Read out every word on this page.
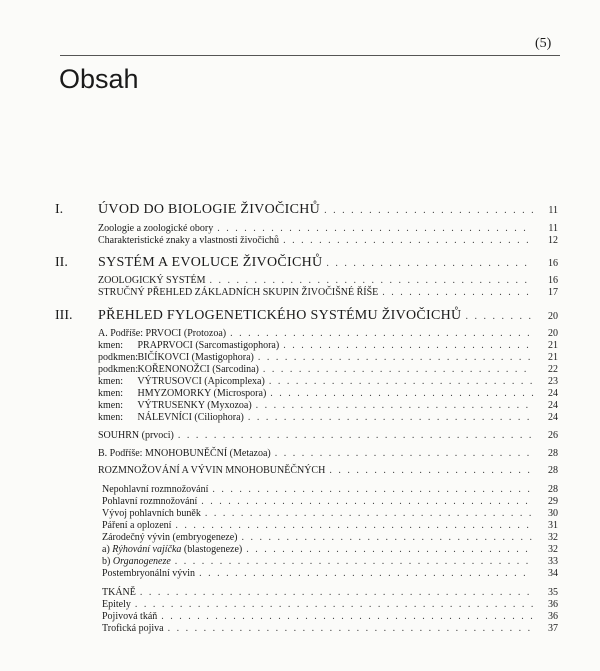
(5)
Obsah
I. ÚVOD DO BIOLOGIE ŽIVOČICHŮ . . . . . . . . . . . . . . . . . . . . . . . .	11
Zoologie a zoologické obory . . . . . . . . . . . . . . . . . . . . . . . . . . . . . . . . . . .	11
Charakteristické znaky a vlastnosti živočichů . . . . . . . . . . . . . . . . . . . . . . . . . . . .	12
II. SYSTÉM A EVOLUCE ŽIVOČICHŮ . . . . . . . . . . . . . . . . . . . . . . .	16
ZOOLOGICKÝ SYSTÉM . . . . . . . . . . . . . . . . . . . . . . . . . . . . . . . . . . . .	16
STRUČNÝ PŘEHLED ZÁKLADNÍCH SKUPIN ŽIVOČIŠNÉ ŘÍŠE . . . . . . . . . . . . . . . . .	17
III. PŘEHLED FYLOGENETICKÉHO SYSTÉMU ŽIVOČICHŮ . . . . . . . .	20
A. Podříše: PRVOCI (Protozoa) . . . . . . . . . . . . . . . . . . . . . . . . . . . . . . . . . .	20
kmen: PRAPRVOCI (Sarcomastigophora) . . . . . . . . . . . . . . . . . . . . . . . . . . . .	21
podkmen: BIČÍKOVCI (Mastigophora) . . . . . . . . . . . . . . . . . . . . . . . . . . . . . . .	21
podkmen: KOŘENONOŽCI (Sarcodina) . . . . . . . . . . . . . . . . . . . . . . . . . . . . . .	22
kmen: VÝTRUSOVCI (Apicomplexa) . . . . . . . . . . . . . . . . . . . . . . . . . . . . . .	23
kmen: HMYZOMORKY (Microspora) . . . . . . . . . . . . . . . . . . . . . . . . . . . . . .	24
kmen: VÝTRUSENKY (Myxozoa) . . . . . . . . . . . . . . . . . . . . . . . . . . . . . . .	24
kmen: NÁLEVNÍCI (Ciliophora) . . . . . . . . . . . . . . . . . . . . . . . . . . . . . . . .	24
SOUHRN (prvoci) . . . . . . . . . . . . . . . . . . . . . . . . . . . . . . . . . . . . . . . .	26
B. Podříše: MNOHOBUNĚČNÍ (Metazoa) . . . . . . . . . . . . . . . . . . . . . . . . . . . . .	28
ROZMNOŽOVÁNÍ A VÝVIN MNOHOBUNĚČNÝCH . . . . . . . . . . . . . . . . . . . . . . .	28
Nepohlavní rozmnožování . . . . . . . . . . . . . . . . . . . . . . . . . . . . . . . . . . . .	28
Pohlavní rozmnožování . . . . . . . . . . . . . . . . . . . . . . . . . . . . . . . . . . . . .	29
Vývoj pohlavních buněk . . . . . . . . . . . . . . . . . . . . . . . . . . . . . . . . . . . . .	30
Páření a oplození . . . . . . . . . . . . . . . . . . . . . . . . . . . . . . . . . . . . . . . .	31
Zárodečný vývin (embryogeneze) . . . . . . . . . . . . . . . . . . . . . . . . . . . . . . . . .	32
a) Rýhování vajíčka (blastogeneze) . . . . . . . . . . . . . . . . . . . . . . . . . . . . . . . .	32
b) Organogeneze . . . . . . . . . . . . . . . . . . . . . . . . . . . . . . . . . . . . . . . .	33
Postembryonální vývin . . . . . . . . . . . . . . . . . . . . . . . . . . . . . . . . . . . . .	34
TKÁNĚ . . . . . . . . . . . . . . . . . . . . . . . . . . . . . . . . . . . . . . . . . . . .	35
Epitely . . . . . . . . . . . . . . . . . . . . . . . . . . . . . . . . . . . . . . . . . . . . .	36
Pojivová tkáň . . . . . . . . . . . . . . . . . . . . . . . . . . . . . . . . . . . . . . . . . .	36
Trofická pojiva . . . . . . . . . . . . . . . . . . . . . . . . . . . . . . . . . . . . . . . . .	37
